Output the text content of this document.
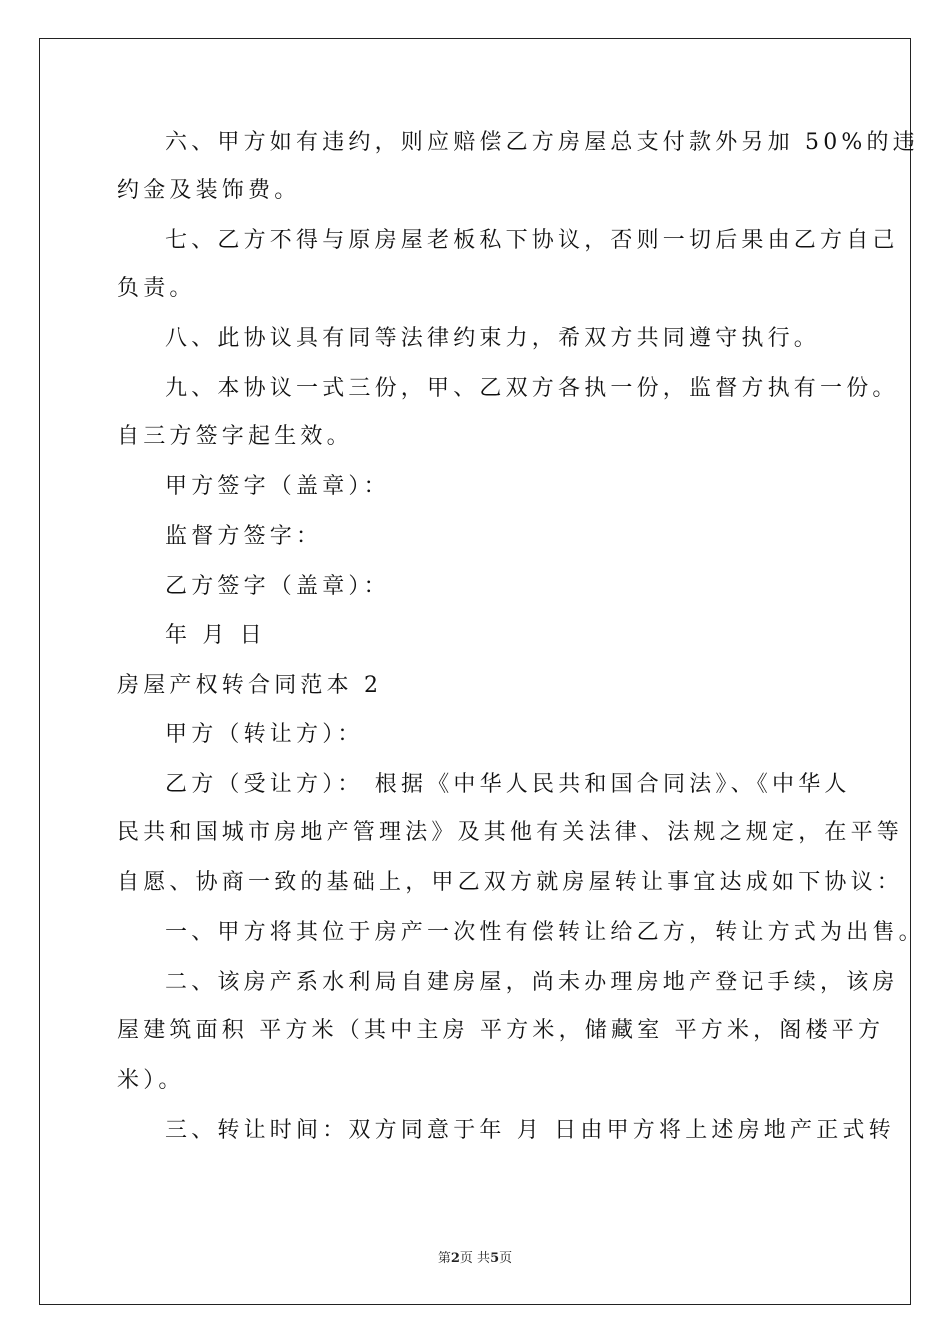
六、甲方如有违约，则应赔偿乙方房屋总支付款外另加 50%的违
约金及装饰费。
七、乙方不得与原房屋老板私下协议，否则一切后果由乙方自己
负责。
八、此协议具有同等法律约束力，希双方共同遵守执行。
九、本协议一式三份，甲、乙双方各执一份，监督方执有一份。
自三方签字起生效。
甲方签字（盖章）：
监督方签字：
乙方签字（盖章）：
年 月 日
房屋产权转合同范本 2
甲方（转让方）：
乙方（受让方）： 根据《中华人民共和国合同法》、《中华人
民共和国城市房地产管理法》及其他有关法律、法规之规定，在平等
自愿、协商一致的基础上，甲乙双方就房屋转让事宜达成如下协议：
一、甲方将其位于房产一次性有偿转让给乙方，转让方式为出售。
二、该房产系水利局自建房屋，尚未办理房地产登记手续，该房
屋建筑面积 平方米（其中主房 平方米，储藏室 平方米，阁楼平方
米）。
三、转让时间：双方同意于年 月 日由甲方将上述房地产正式转
第2页 共5页
